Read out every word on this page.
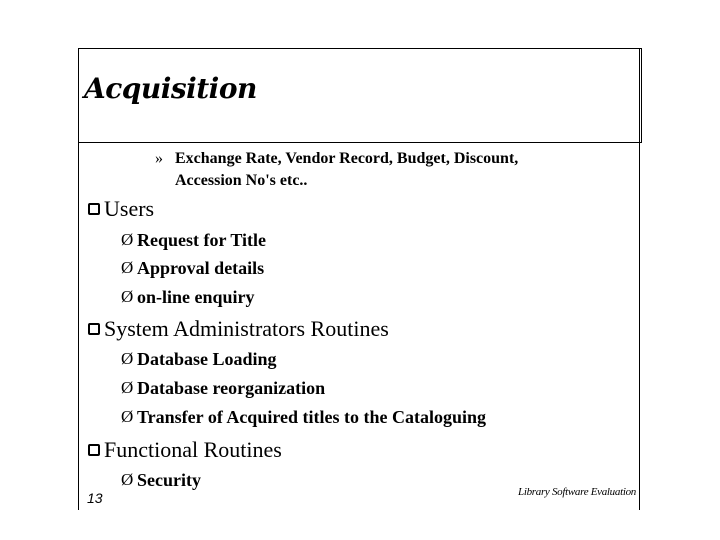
Acquisition
» Exchange Rate, Vendor Record, Budget, Discount,
Accession No's etc..
Users
Ø Request for Title
Ø Approval details
Ø on-line enquiry
System Administrators Routines
Ø Database Loading
Ø Database reorganization
Ø Transfer of Acquired titles to the Cataloguing
Functional Routines
Ø Security
13	Library Software Evaluation
